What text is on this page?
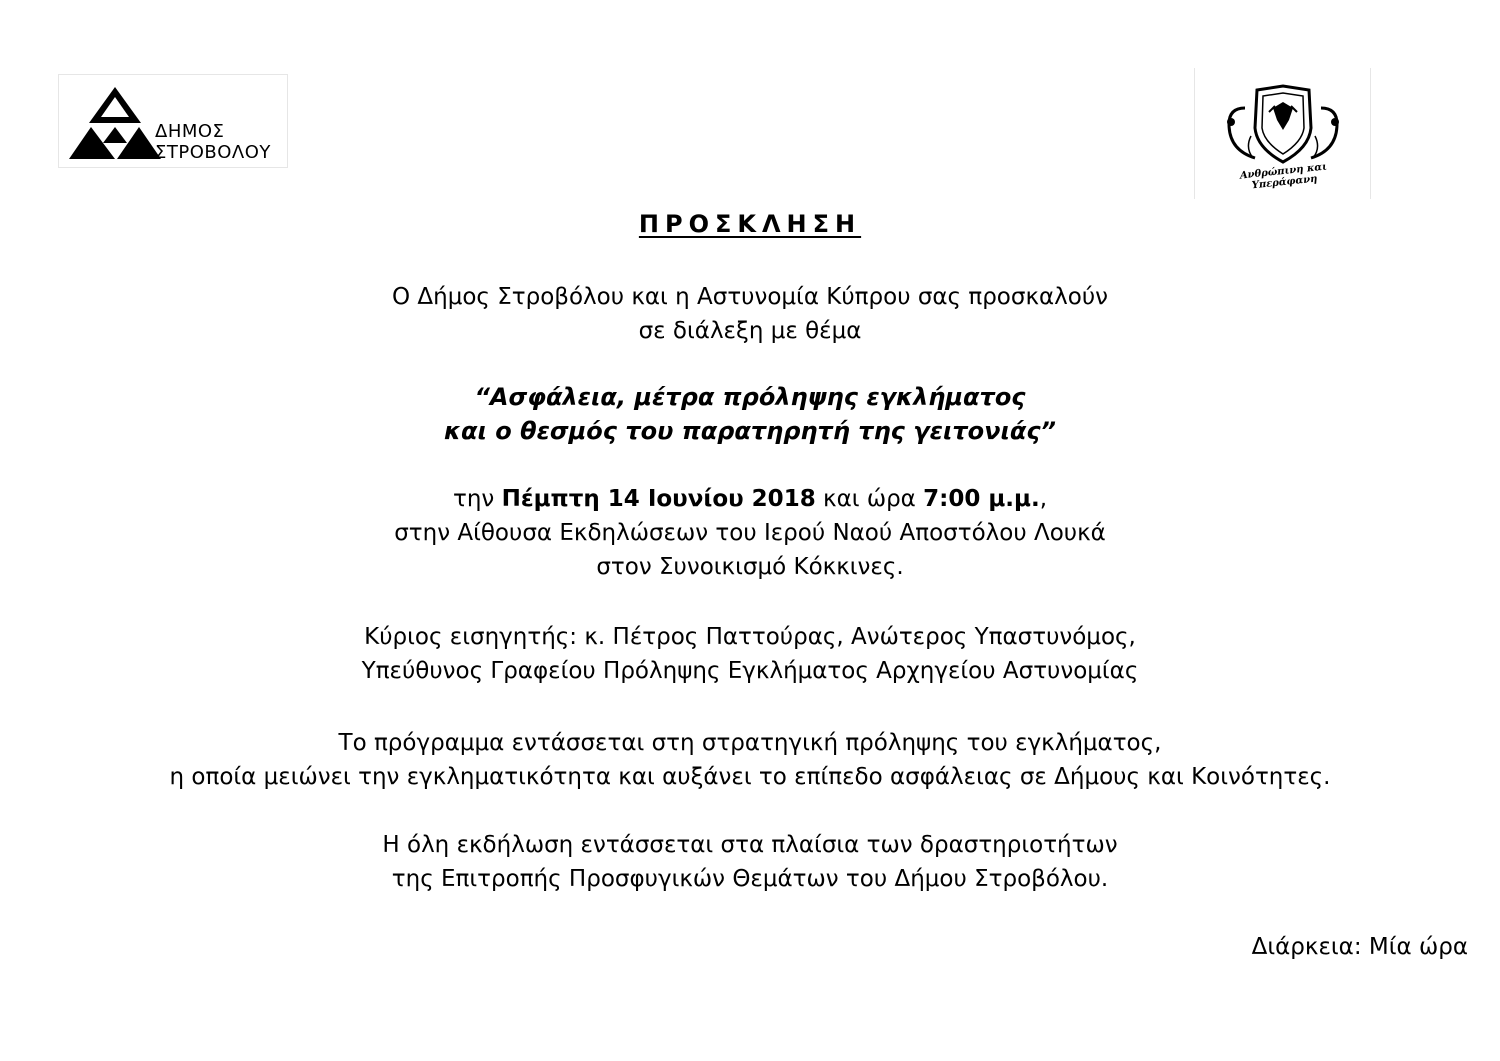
ΔΗΜΟΣ
ΣΤΡΟΒΟΛΟΥ
Ανθρώπινη και Υπεράφανη
ΠΡΟΣΚΛΗΣΗ
Ο Δήμος Στροβόλου και η Αστυνομία Κύπρου σας προσκαλούν
σε διάλεξη με θέμα
“Ασφάλεια, μέτρα πρόληψης εγκλήματος
και ο θεσμός του παρατηρητή της γειτονιάς”
την Πέμπτη 14 Ιουνίου 2018 και ώρα 7:00 μ.μ.,
στην Αίθουσα Εκδηλώσεων του Ιερού Ναού Αποστόλου Λουκά
στον Συνοικισμό Κόκκινες.
Κύριος εισηγητής: κ. Πέτρος Παττούρας, Ανώτερος Υπαστυνόμος,
Υπεύθυνος Γραφείου Πρόληψης Εγκλήματος Αρχηγείου Αστυνομίας
Το πρόγραμμα εντάσσεται στη στρατηγική πρόληψης του εγκλήματος,
η οποία μειώνει την εγκληματικότητα και αυξάνει το επίπεδο ασφάλειας σε Δήμους και Κοινότητες.
Η όλη εκδήλωση εντάσσεται στα πλαίσια των δραστηριοτήτων
της Επιτροπής Προσφυγικών Θεμάτων του Δήμου Στροβόλου.
Διάρκεια: Μία ώρα
